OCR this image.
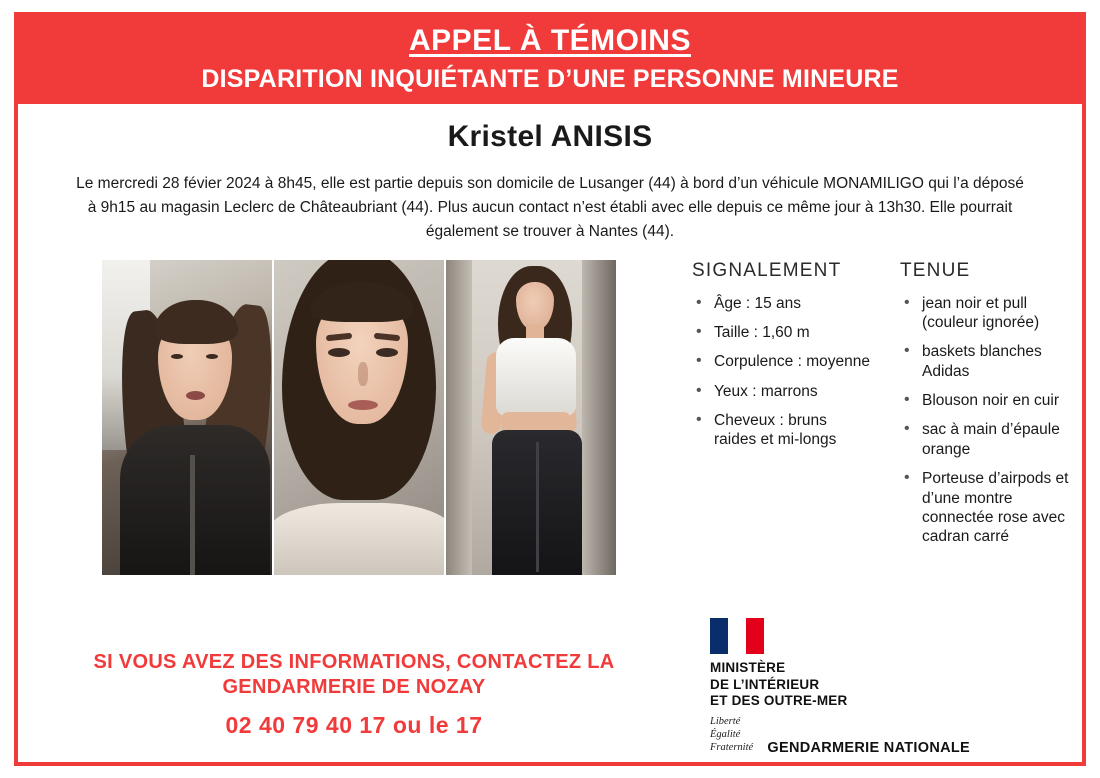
APPEL À TÉMOINS
DISPARITION INQUIÉTANTE D’UNE PERSONNE MINEURE
Kristel ANISIS
Le mercredi 28 févier 2024 à 8h45, elle est partie depuis son domicile de Lusanger (44) à bord d’un véhicule MONAMILIGO qui l’a déposé à 9h15 au magasin Leclerc de Châteaubriant (44). Plus aucun contact n’est établi avec elle depuis ce même jour à 13h30. Elle pourrait également se trouver à Nantes (44).
SIGNALEMENT
• Âge : 15 ans
• Taille : 1,60 m
• Corpulence : moyenne
• Yeux : marrons
• Cheveux : bruns raides et mi-longs
TENUE
• jean noir et pull (couleur ignorée)
• baskets blanches Adidas
• Blouson noir en cuir
• sac à main d’épaule orange
• Porteuse d’airpods et d’une montre connectée rose avec cadran carré
SI VOUS AVEZ DES INFORMATIONS, CONTACTEZ LA
GENDARMERIE DE NOZAY
02 40 79 40 17 ou le 17
MINISTÈRE
DE L’INTÉRIEUR
ET DES OUTRE-MER
Liberté
Égalité
Fraternité GENDARMERIE NATIONALE
